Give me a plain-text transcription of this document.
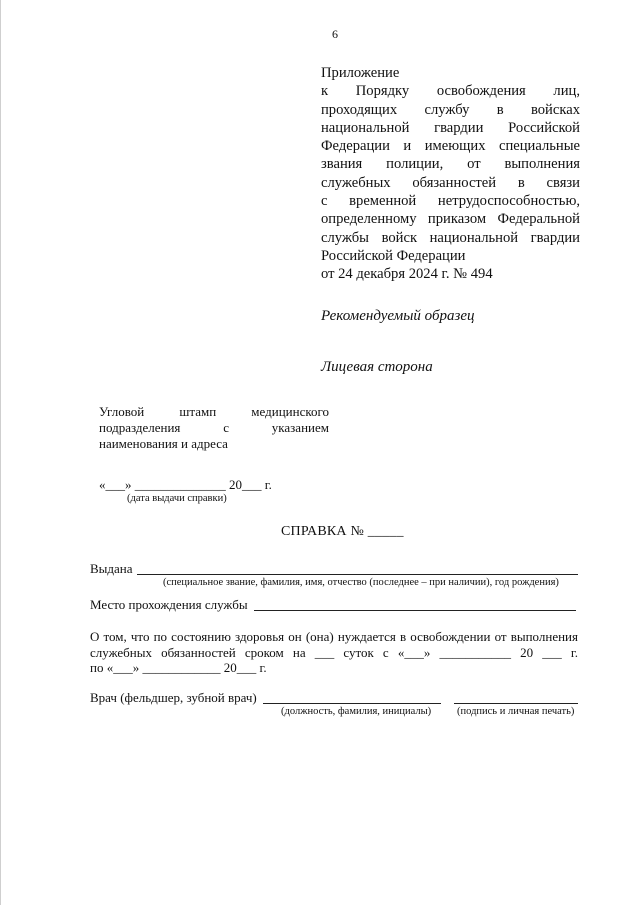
6
Приложение
к Порядку освобождения лиц,
проходящих службу в войсках
национальной гвардии Российской
Федерации и имеющих специальные
звания полиции, от выполнения
служебных обязанностей в связи
с временной нетрудоспособностью,
определенному приказом Федеральной
службы войск национальной гвардии
Российской Федерации
от 24 декабря 2024 г. № 494
Рекомендуемый образец
Лицевая сторона
Угловой штамп медицинского
подразделения с указанием
наименования и адреса
«___» ______________ 20___ г.
(дата выдачи справки)
СПРАВКА № _____
Выдана
(специальное звание, фамилия, имя, отчество (последнее – при наличии), год рождения)
Место прохождения службы
О том, что по состоянию здоровья он (она) нуждается в освобождении от выполнения
служебных обязанностей сроком на ___ суток с «___» ___________ 20 ___ г.
по «___» ____________ 20___ г.
Врач (фельдшер, зубной врач)
(должность, фамилия, инициалы) (подпись и личная печать)
